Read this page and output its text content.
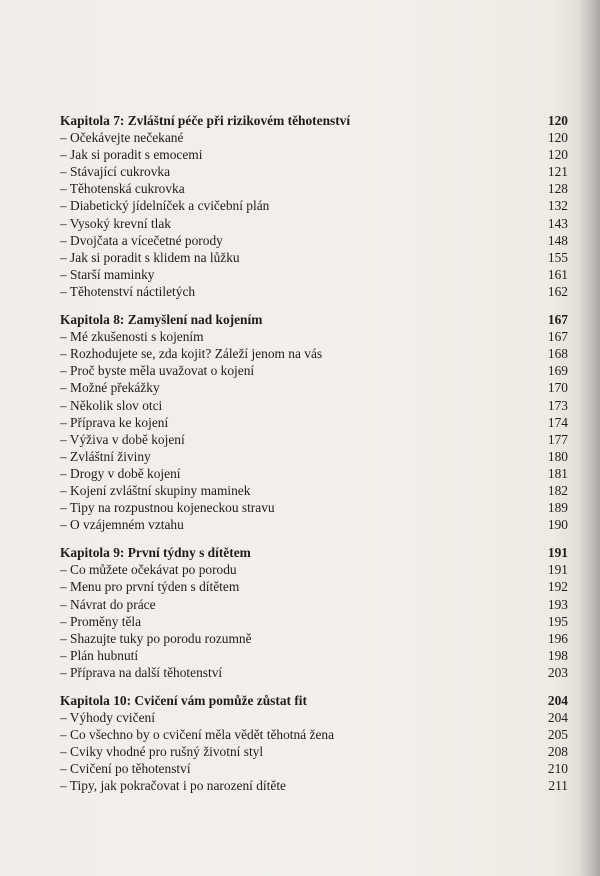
Kapitola 7: Zvláštní péče při rizikovém těhotenství	120
– Očekávejte nečekané	120
– Jak si poradit s emocemi	120
– Stávající cukrovka	121
– Těhotenská cukrovka	128
– Diabetický jídelníček a cvičební plán	132
– Vysoký krevní tlak	143
– Dvojčata a vícečetné porody	148
– Jak si poradit s klidem na lůžku	155
– Starší maminky	161
– Těhotenství náctiletých	162
Kapitola 8: Zamyšlení nad kojením	167
– Mé zkušenosti s kojením	167
– Rozhodujete se, zda kojit? Záleží jenom na vás	168
– Proč byste měla uvažovat o kojení	169
– Možné překážky	170
– Několik slov otci	173
– Příprava ke kojení	174
– Výživa v době kojení	177
– Zvláštní živiny	180
– Drogy v době kojení	181
– Kojení zvláštní skupiny maminek	182
– Tipy na rozpustnou kojeneckou stravu	189
– O vzájemném vztahu	190
Kapitola 9: První týdny s dítětem	191
– Co můžete očekávat po porodu	191
– Menu pro první týden s dítětem	192
– Návrat do práce	193
– Proměny těla	195
– Shazujte tuky po porodu rozumně	196
– Plán hubnutí	198
– Příprava na další těhotenství	203
Kapitola 10: Cvičení vám pomůže zůstat fit	204
– Výhody cvičení	204
– Co všechno by o cvičení měla vědět těhotná žena	205
– Cviky vhodné pro rušný životní styl	208
– Cvičení po těhotenství	210
– Tipy, jak pokračovat i po narození dítěte	211
